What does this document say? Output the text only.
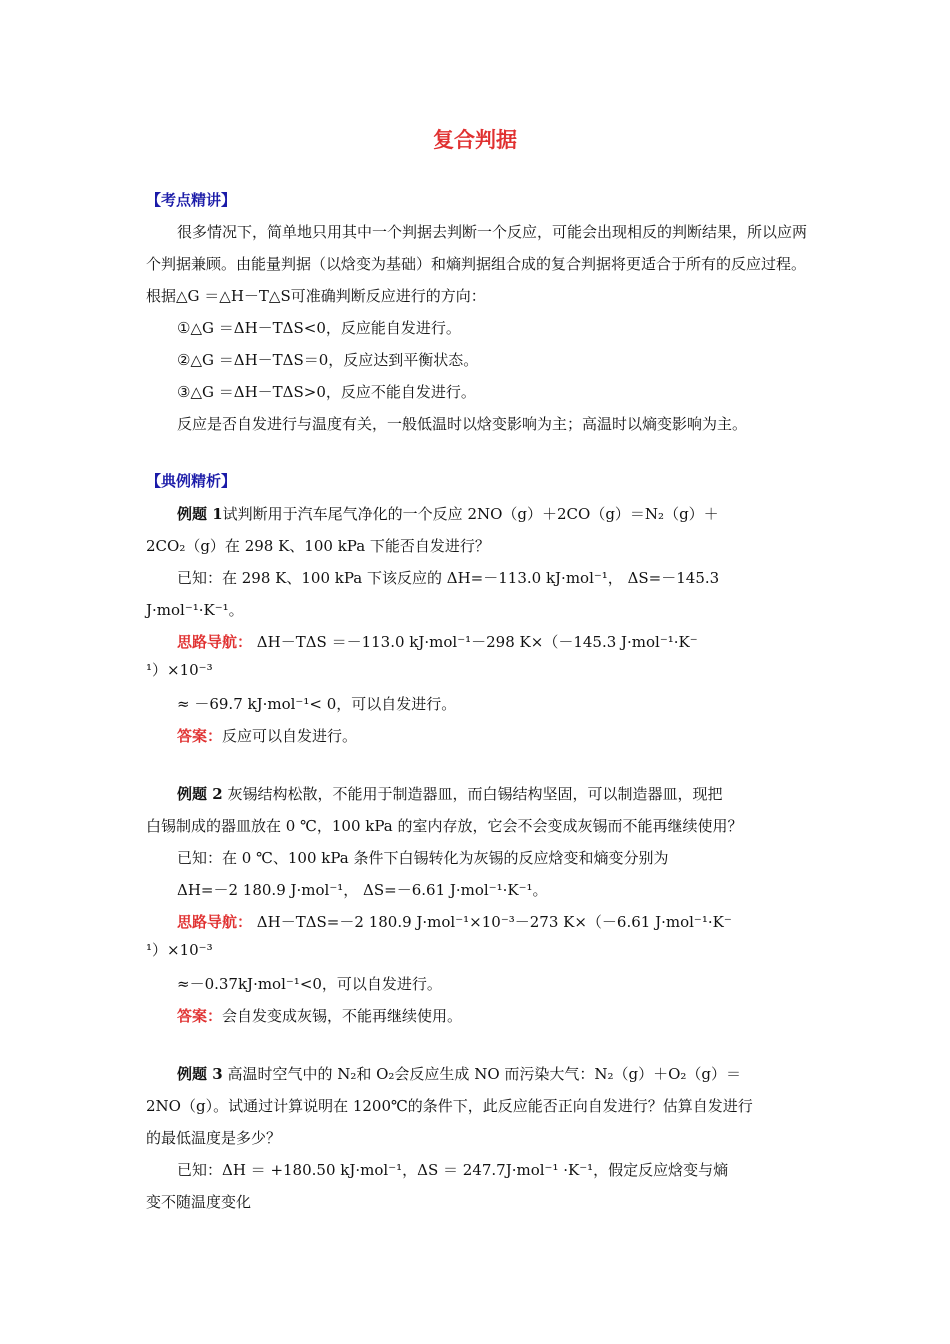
复合判据
【考点精讲】
很多情况下，简单地只用其中一个判据去判断一个反应，可能会出现相反的判断结果，所以应两个判据兼顾。由能量判据（以焓变为基础）和熵判据组合成的复合判据将更适合于所有的反应过程。根据△G ＝△H－T△S可准确判断反应进行的方向：
①△G ＝ΔH－TΔS<0，反应能自发进行。
②△G ＝ΔH－TΔS＝0，反应达到平衡状态。
③△G ＝ΔH－TΔS>0，反应不能自发进行。
反应是否自发进行与温度有关，一般低温时以焓变影响为主；高温时以熵变影响为主。
【典例精析】
例题 1试判断用于汽车尾气净化的一个反应 2NO（g）＋2CO（g）＝N₂（g）＋
2CO₂（g）在 298 K、100 kPa 下能否自发进行？
已知：在 298 K、100 kPa 下该反应的 ΔH=－113.0 kJ·mol⁻¹， ΔS=－145.3
J·mol⁻¹·K⁻¹。
思路导航： ΔH－TΔS ＝－113.0 kJ·mol⁻¹－298 K×（－145.3 J·mol⁻¹·K⁻
¹）×10⁻³
≈ －69.7 kJ·mol⁻¹< 0，可以自发进行。
答案：反应可以自发进行。
例题 2 灰锡结构松散，不能用于制造器皿，而白锡结构坚固，可以制造器皿，现把
白锡制成的器皿放在 0 ℃，100 kPa 的室内存放，它会不会变成灰锡而不能再继续使用？
已知：在 0 ℃、100 kPa 条件下白锡转化为灰锡的反应焓变和熵变分别为
ΔH=－2 180.9 J·mol⁻¹， ΔS=－6.61 J·mol⁻¹·K⁻¹。
思路导航： ΔH－TΔS=－2 180.9 J·mol⁻¹×10⁻³－273 K×（－6.61 J·mol⁻¹·K⁻
¹）×10⁻³
≈－0.37kJ·mol⁻¹<0，可以自发进行。
答案：会自发变成灰锡，不能再继续使用。
例题 3 高温时空气中的 N₂和 O₂会反应生成 NO 而污染大气：N₂（g）＋O₂（g）＝
2NO（g）。试通过计算说明在 1200℃的条件下，此反应能否正向自发进行？估算自发进行
的最低温度是多少？
已知：ΔH ＝ +180.50 kJ·mol⁻¹，ΔS ＝ 247.7J·mol⁻¹ ·K⁻¹，假定反应焓变与熵
变不随温度变化
